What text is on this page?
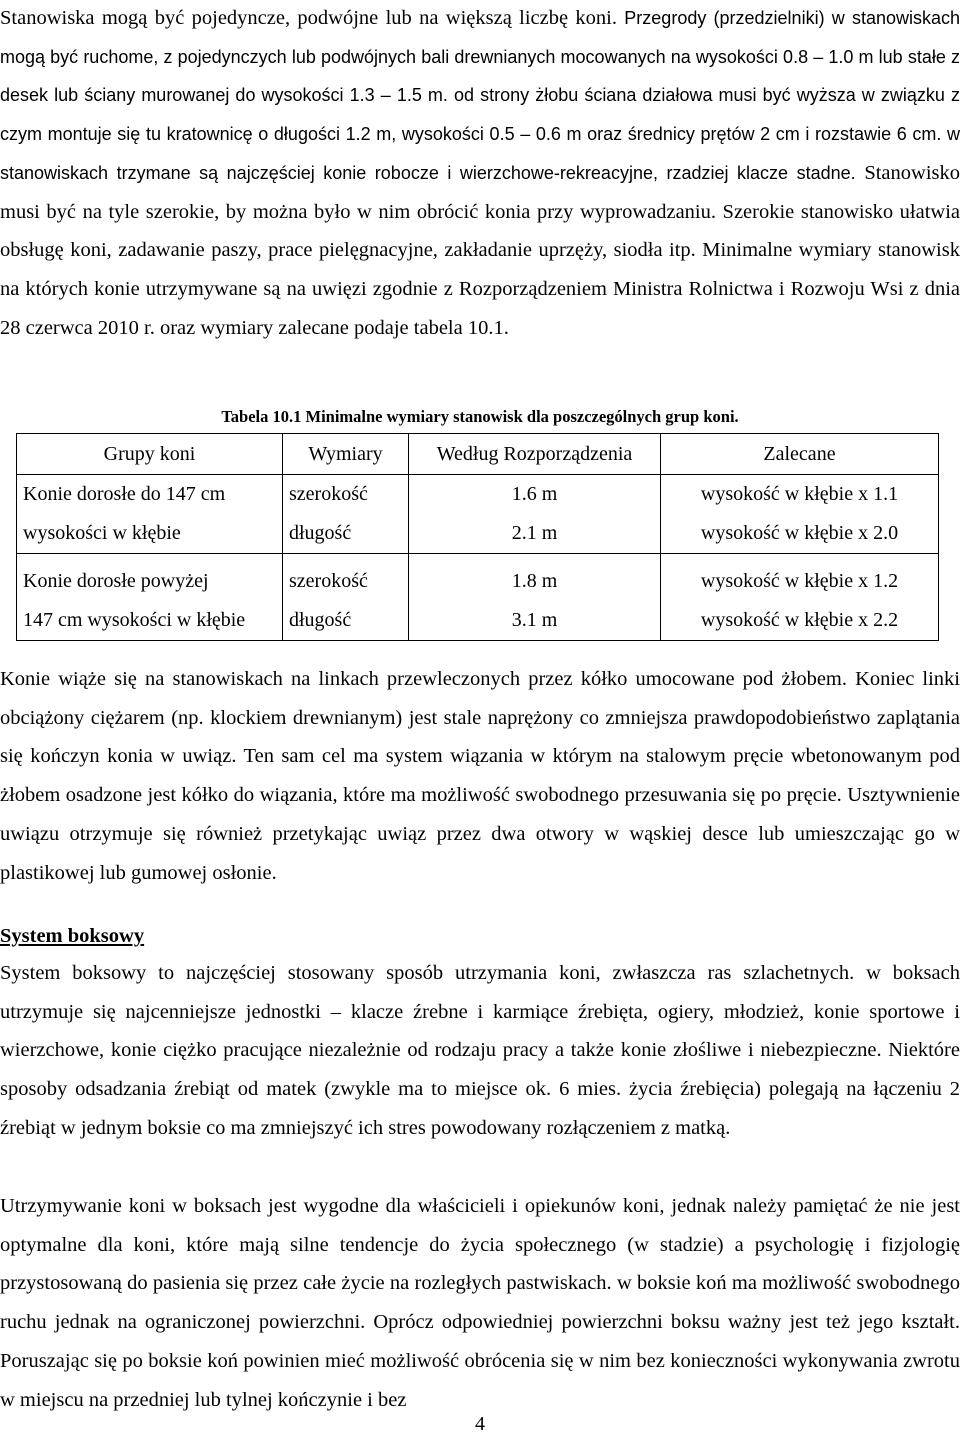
Stanowiska mogą być pojedyncze, podwójne lub na większą liczbę koni. Przegrody (przedzielniki) w stanowiskach mogą być ruchome, z pojedynczych lub podwójnych bali drewnianych mocowanych na wysokości 0.8 – 1.0 m lub stałe z desek lub ściany murowanej do wysokości 1.3 – 1.5 m. od strony żłobu ściana działowa musi być wyższa w związku z czym montuje się tu kratownicę o długości 1.2 m, wysokości 0.5 – 0.6 m oraz średnicy prętów 2 cm i rozstawie 6 cm. w stanowiskach trzymane są najczęściej konie robocze i wierzchowe-rekreacyjne, rzadziej klacze stadne. Stanowisko musi być na tyle szerokie, by można było w nim obrócić konia przy wyprowadzaniu. Szerokie stanowisko ułatwia obsługę koni, zadawanie paszy, prace pielęgnacyjne, zakładanie uprzęży, siodła itp. Minimalne wymiary stanowisk na których konie utrzymywane są na uwięzi zgodnie z Rozporządzeniem Ministra Rolnictwa i Rozwoju Wsi z dnia 28 czerwca 2010 r. oraz wymiary zalecane podaje tabela 10.1.

Tabela 10.1 Minimalne wymiary stanowisk dla poszczególnych grup koni.
Grupy koni	Wymiary	Według Rozporządzenia	Zalecane
Konie dorosłe do 147 cm	szerokość	1.6 m	wysokość w kłębie x 1.1
wysokości w kłębie	długość	2.1 m	wysokość w kłębie x 2.0
Konie dorosłe powyżej	szerokość	1.8 m	wysokość w kłębie x 1.2
147 cm wysokości w kłębie	długość	3.1 m	wysokość w kłębie x 2.2

Konie wiąże się na stanowiskach na linkach przewleczonych przez kółko umocowane pod żłobem. Koniec linki obciążony ciężarem (np. klockiem drewnianym) jest stale naprężony co zmniejsza prawdopodobieństwo zaplątania się kończyn konia w uwiąz. Ten sam cel ma system wiązania w którym na stalowym pręcie wbetonowanym pod żłobem osadzone jest kółko do wiązania, które ma możliwość swobodnego przesuwania się po pręcie. Usztywnienie uwiązu otrzymuje się również przetykając uwiąz przez dwa otwory w wąskiej desce lub umieszczając go w plastikowej lub gumowej osłonie.

System boksowy

System boksowy to najczęściej stosowany sposób utrzymania koni, zwłaszcza ras szlachetnych. w boksach utrzymuje się najcenniejsze jednostki – klacze źrebne i karmiące źrebięta, ogiery, młodzież, konie sportowe i wierzchowe, konie ciężko pracujące niezależnie od rodzaju pracy a także konie złośliwe i niebezpieczne. Niektóre sposoby odsadzania źrebiąt od matek (zwykle ma to miejsce ok. 6 mies. życia źrebięcia) polegają na łączeniu 2 źrebiąt w jednym boksie co ma zmniejszyć ich stres powodowany rozłączeniem z matką.

Utrzymywanie koni w boksach jest wygodne dla właścicieli i opiekunów koni, jednak należy pamiętać że nie jest optymalne dla koni, które mają silne tendencje do życia społecznego (w stadzie) a psychologię i fizjologię przystosowaną do pasienia się przez całe życie na rozległych pastwiskach. w boksie koń ma możliwość swobodnego ruchu jednak na ograniczonej powierzchni. Oprócz odpowiedniej powierzchni boksu ważny jest też jego kształt. Poruszając się po boksie koń powinien mieć możliwość obrócenia się w nim bez konieczności wykonywania zwrotu w miejscu na przedniej lub tylnej kończynie i bez

4
